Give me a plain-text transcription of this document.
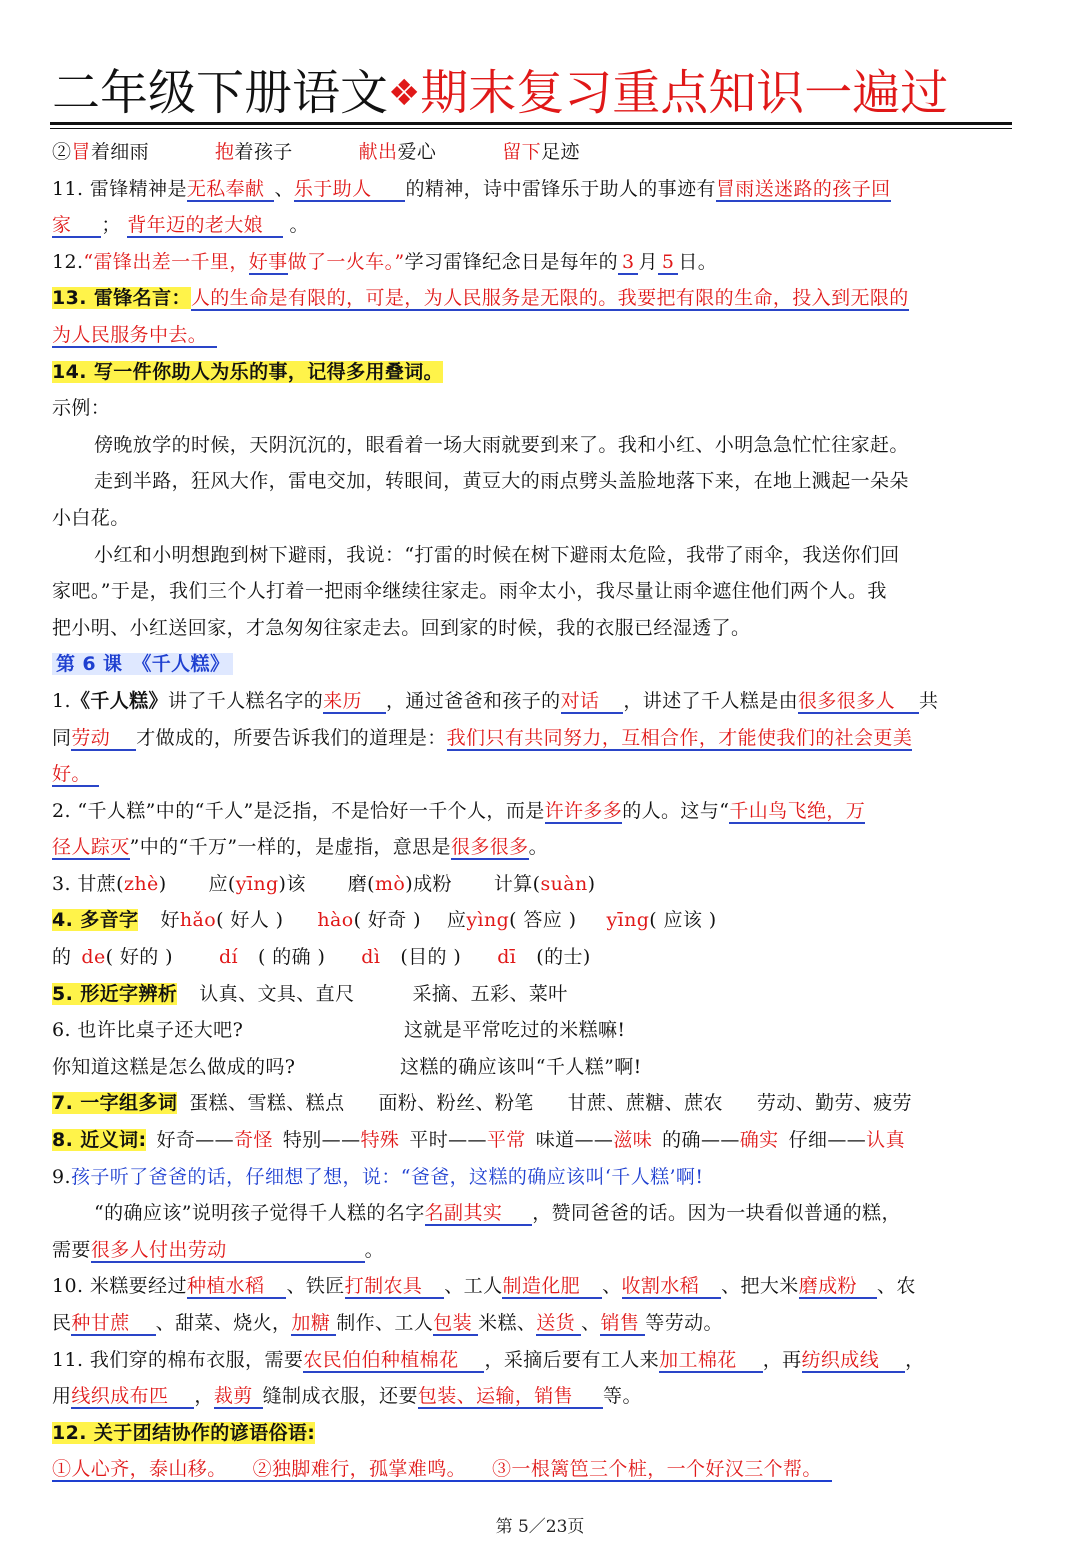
二年级下册语文❖期末复习重点知识一遍过

②冒着细雨	抱着孩子	献出爱心	留下足迹

11. 雷锋精神是无私奉献 、乐于助人 的精神，诗中雷锋乐于助人的事迹有冒雨送迷路的孩子回
家 ； 背年迈的老大娘 。

12.“雷锋出差一千里，好事做了一火车。”学习雷锋纪念日是每年的 3 月 5 日。

13. 雷锋名言：人的生命是有限的，可是，为人民服务是无限的。我要把有限的生命，投入到无限的
为人民服务中去。

14. 写一件你助人为乐的事，记得多用叠词。

示例：

傍晚放学的时候，天阴沉沉的，眼看着一场大雨就要到来了。我和小红、小明急急忙忙往家赶。

走到半路，狂风大作，雷电交加，转眼间，黄豆大的雨点劈头盖脸地落下来，在地上溅起一朵朵
小白花。

小红和小明想跑到树下避雨，我说：“打雷的时候在树下避雨太危险，我带了雨伞，我送你们回
家吧。”于是，我们三个人打着一把雨伞继续往家走。雨伞太小，我尽量让雨伞遮住他们两个人。我
把小明、小红送回家，才急匆匆往家走去。回到家的时候，我的衣服已经湿透了。

第 6 课　《千人糕》

1.《千人糕》讲了千人糕名字的来历 ，通过爸爸和孩子的对话 ，讲述了千人糕是由很多很多人 共
同劳动 才做成的，所要告诉我们的道理是：我们只有共同努力，互相合作，才能使我们的社会更美
好。

2. “千人糕”中的“千人”是泛指，不是恰好一千个人，而是许许多多的人。这与“千山鸟飞绝，万
径人踪灭”中的“千万”一样的，是虚指，意思是很多很多。

3. 甘蔗(zhè) 应(yīng)该 磨(mò)成粉 计算(suàn)

4. 多音字 好hǎo( 好人 ) hào( 好奇 ) 应yìng( 答应 ) yīng( 应该 )
的 de( 好的 ) dí ( 的确 ) dì (目的 ) dī (的士)

5. 形近字辨析 认真、文具、直尺	采摘、五彩、菜叶

6. 也许比桌子还大吧?	这就是平常吃过的米糕嘛!
你知道这糕是怎么做成的吗?	这糕的确应该叫“千人糕”啊!

7. 一字组多词 蛋糕、雪糕、糕点 面粉、粉丝、粉笔 甘蔗、蔗糖、蔗农 劳动、勤劳、疲劳

8. 近义词: 好奇——奇怪 特别——特殊 平时——平常 味道——滋味 的确——确实 仔细——认真

9.孩子听了爸爸的话，仔细想了想，说：“爸爸，这糕的确应该叫‘千人糕’啊!
“的确应该”说明孩子觉得千人糕的名字名副其实 ，赞同爸爸的话。因为一块看似普通的糕，
需要很多人付出劳动	。

10. 米糕要经过种植水稻 、铁匠打制农具 、工人制造化肥 、收割水稻 、把大米磨成粉 、农
民种甘蔗 、甜菜、烧火，加糖 制作、工人包装 米糕、送货 、销售 等劳动。

11. 我们穿的棉布衣服，需要农民伯伯种植棉花 ，采摘后要有工人来加工棉花 ，再纺织成线 ，
用线织成布匹 ，裁剪 缝制成衣服，还要包装、运输，销售 等。

12. 关于团结协作的谚语俗语:

①人心齐，泰山移。 ②独脚难行，孤掌难鸣。 ③一根篱笆三个桩，一个好汉三个帮。

第 5／23页
